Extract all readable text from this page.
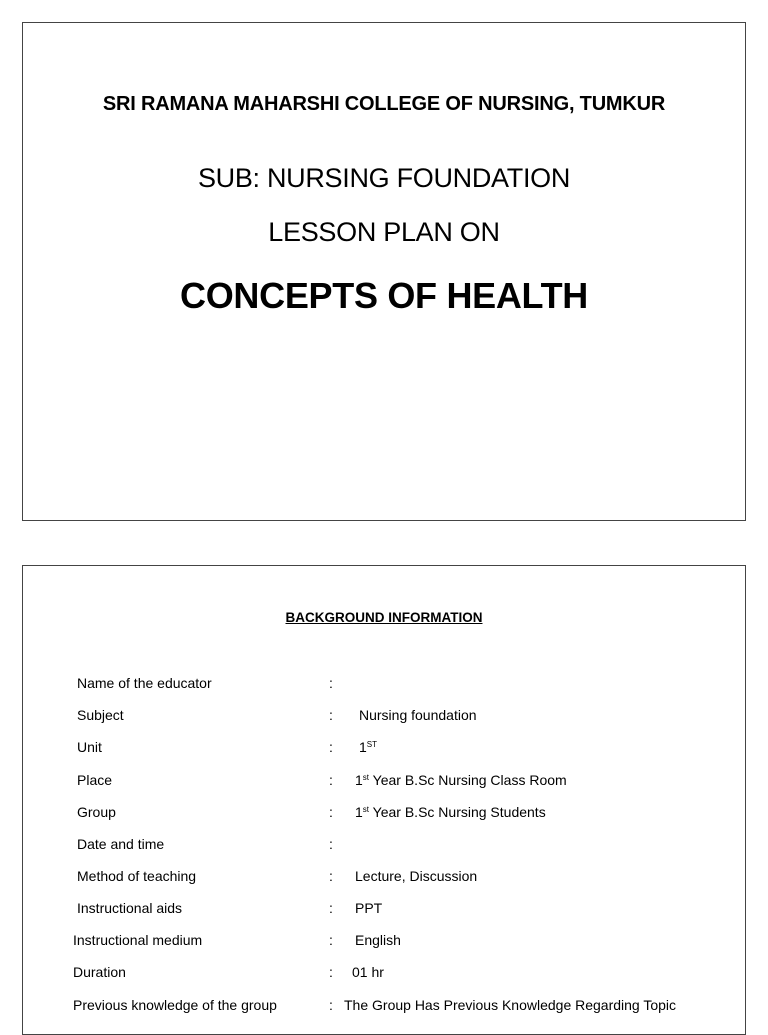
SRI RAMANA MAHARSHI COLLEGE OF NURSING, TUMKUR
SUB: NURSING FOUNDATION
LESSON PLAN ON
CONCEPTS OF HEALTH
BACKGROUND INFORMATION
Name of the educator	:
Subject	: Nursing foundation
Unit	: 1ST
Place	: 1st Year B.Sc Nursing Class Room
Group	: 1st Year B.Sc Nursing Students
Date and time	:
Method of teaching	: Lecture, Discussion
Instructional aids	: PPT
Instructional medium	: English
Duration	: 01 hr
Previous knowledge of the group	: The Group Has Previous Knowledge Regarding Topic
